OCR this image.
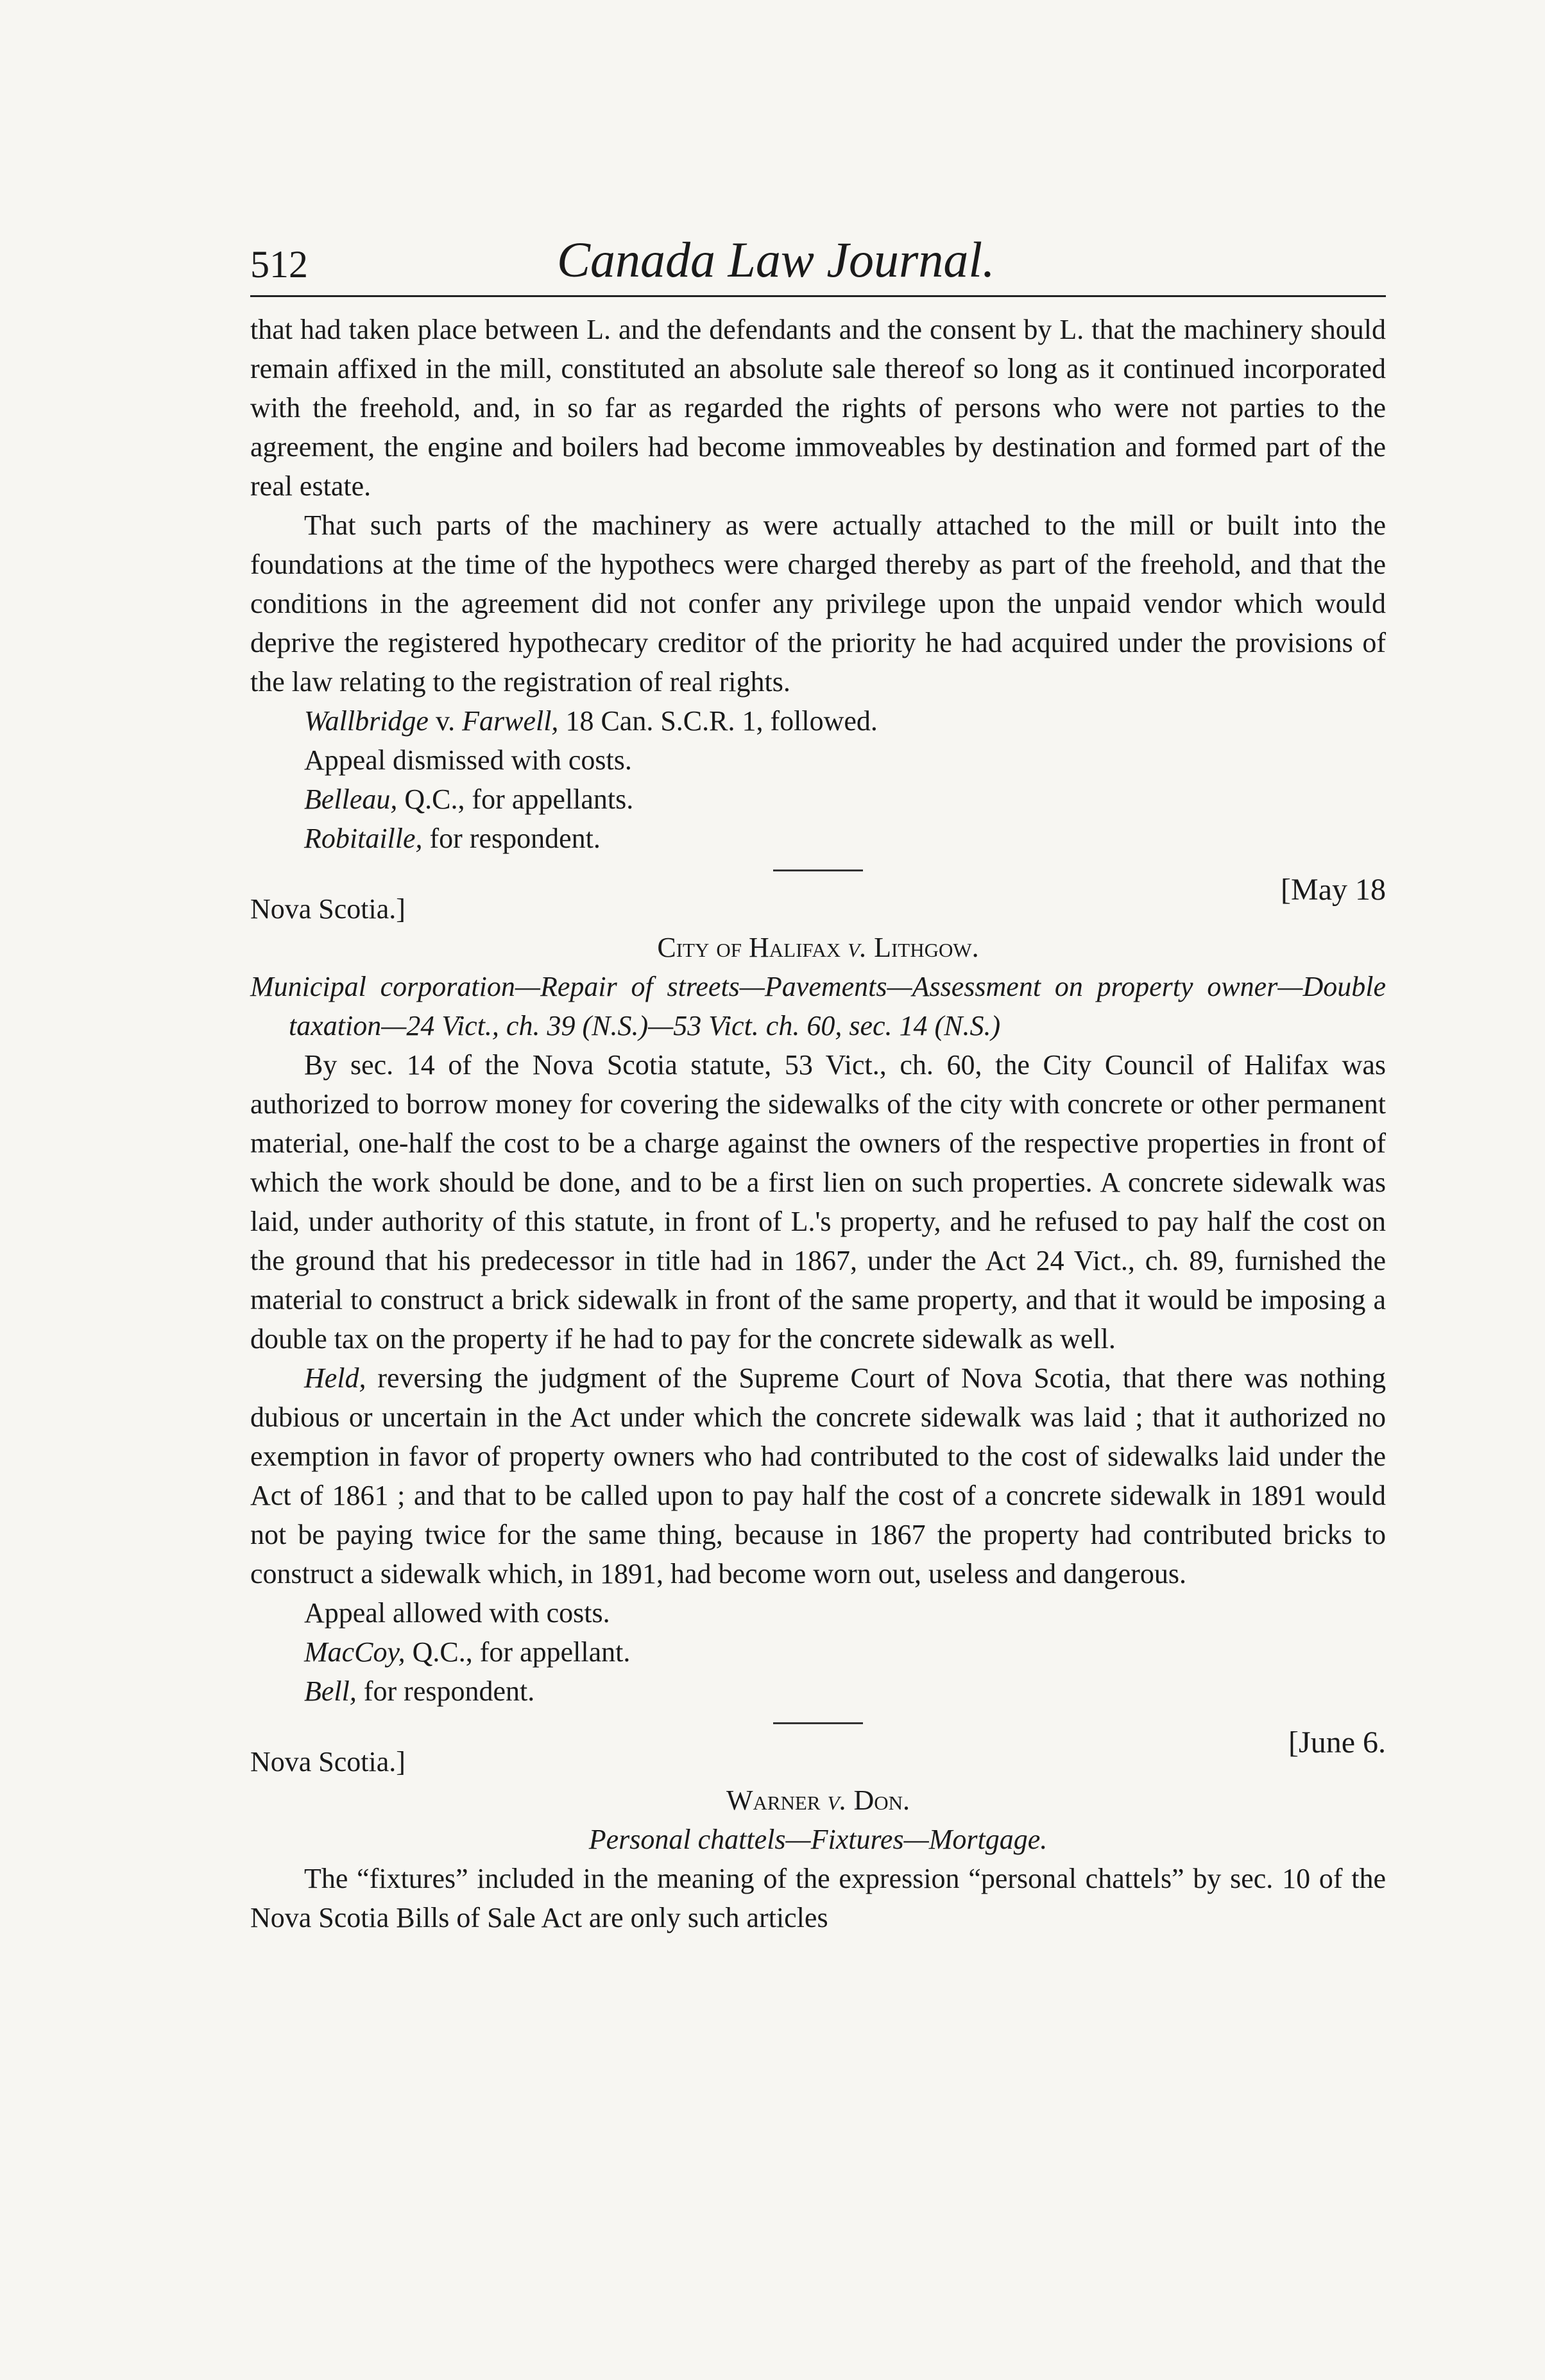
512	Canada Law Journal.

that had taken place between L. and the defendants and the consent by L. that the machinery should remain affixed in the mill, constituted an absolute sale thereof so long as it continued incorporated with the freehold, and, in so far as regarded the rights of persons who were not parties to the agreement, the engine and boilers had become immoveables by destination and formed part of the real estate.

That such parts of the machinery as were actually attached to the mill or built into the foundations at the time of the hypothecs were charged thereby as part of the freehold, and that the conditions in the agreement did not confer any privilege upon the unpaid vendor which would deprive the registered hypothecary creditor of the priority he had acquired under the provisions of the law relating to the registration of real rights.

Wallbridge v. Farwell, 18 Can. S.C.R. 1, followed.

Appeal dismissed with costs.

Belleau, Q.C., for appellants.

Robitaille, for respondent.

Nova Scotia.]
[May 18

City of Halifax v. Lithgow.

Municipal corporation—Repair of streets—Pavements—Assessment on property owner—Double taxation—24 Vict., ch. 39 (N.S.)—53 Vict. ch. 60, sec. 14 (N.S.)

By sec. 14 of the Nova Scotia statute, 53 Vict., ch. 60, the City Council of Halifax was authorized to borrow money for covering the sidewalks of the city with concrete or other permanent material, one-half the cost to be a charge against the owners of the respective properties in front of which the work should be done, and to be a first lien on such properties. A concrete sidewalk was laid, under authority of this statute, in front of L.'s property, and he refused to pay half the cost on the ground that his predecessor in title had in 1867, under the Act 24 Vict., ch. 89, furnished the material to construct a brick sidewalk in front of the same property, and that it would be imposing a double tax on the property if he had to pay for the concrete sidewalk as well.

Held, reversing the judgment of the Supreme Court of Nova Scotia, that there was nothing dubious or uncertain in the Act under which the concrete sidewalk was laid ; that it authorized no exemption in favor of property owners who had contributed to the cost of sidewalks laid under the Act of 1861 ; and that to be called upon to pay half the cost of a concrete sidewalk in 1891 would not be paying twice for the same thing, because in 1867 the property had contributed bricks to construct a sidewalk which, in 1891, had become worn out, useless and dangerous.

Appeal allowed with costs.

MacCoy, Q.C., for appellant.

Bell, for respondent.

Nova Scotia.]
[June 6.

Warner v. Don.

Personal chattels—Fixtures—Mortgage.

The “fixtures” included in the meaning of the expression “personal chattels” by sec. 10 of the Nova Scotia Bills of Sale Act are only such articles
